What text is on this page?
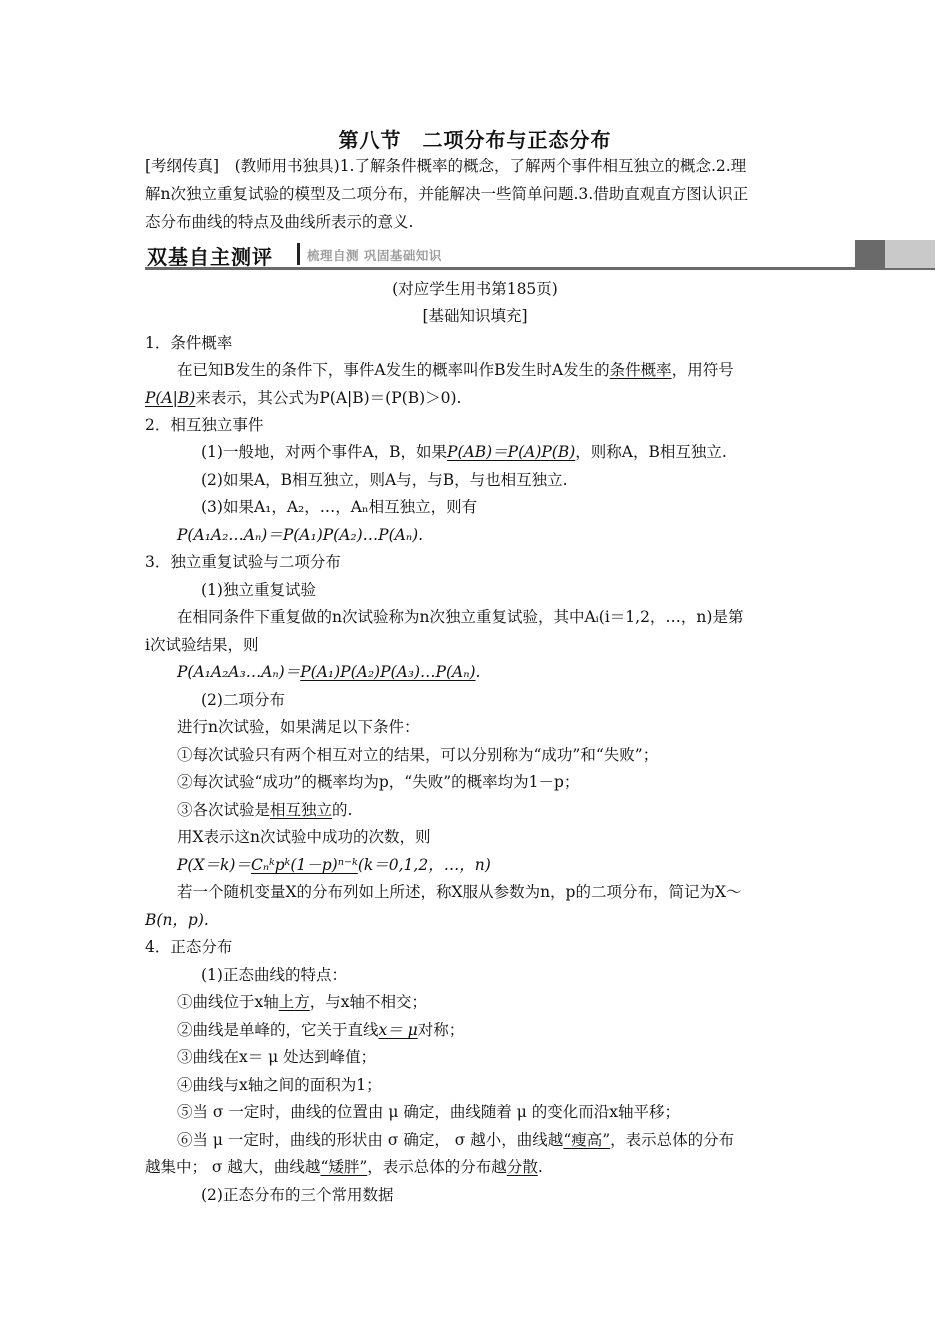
第八节　二项分布与正态分布
[考纲传真]　(教师用书独具)1.了解条件概率的概念，了解两个事件相互独立的概念.2.理
解n次独立重复试验的模型及二项分布，并能解决一些简单问题.3.借助直观直方图认识正
态分布曲线的特点及曲线所表示的意义.
双基自主测评	梳理自测 巩固基础知识
(对应学生用书第185页)
[基础知识填充]
1．条件概率
在已知B发生的条件下，事件A发生的概率叫作B发生时A发生的条件概率，用符号
P(A|B)来表示，其公式为P(A|B)＝(P(B)＞0).
2．相互独立事件
(1)一般地，对两个事件A，B，如果P(AB)＝P(A)P(B)，则称A，B相互独立.
(2)如果A，B相互独立，则A与，与B，与也相互独立.
(3)如果A₁，A₂，…，Aₙ相互独立，则有
P(A₁A₂…Aₙ)＝P(A₁)P(A₂)…P(Aₙ).
3．独立重复试验与二项分布
(1)独立重复试验
在相同条件下重复做的n次试验称为n次独立重复试验，其中Aᵢ(i＝1,2，…，n)是第
i次试验结果，则
P(A₁A₂A₃…Aₙ)＝P(A₁)P(A₂)P(A₃)…P(Aₙ).
(2)二项分布
进行n次试验，如果满足以下条件：
①每次试验只有两个相互对立的结果，可以分别称为“成功”和“失败”；
②每次试验“成功”的概率均为p，“失败”的概率均为1－p；
③各次试验是相互独立的.
用X表示这n次试验中成功的次数，则
P(X＝k)＝Cₙᵏpᵏ(1－p)ⁿ⁻ᵏ(k＝0,1,2，…，n)
若一个随机变量X的分布列如上所述，称X服从参数为n，p的二项分布，简记为X～
B(n，p).
4．正态分布
(1)正态曲线的特点：
①曲线位于x轴上方，与x轴不相交；
②曲线是单峰的，它关于直线x＝ μ对称；
③曲线在x＝ μ 处达到峰值；
④曲线与x轴之间的面积为1；
⑤当 σ 一定时，曲线的位置由 μ 确定，曲线随着 μ 的变化而沿x轴平移；
⑥当 μ 一定时，曲线的形状由 σ 确定， σ 越小，曲线越“瘦高”，表示总体的分布
越集中； σ 越大，曲线越“矮胖”，表示总体的分布越分散.
(2)正态分布的三个常用数据
